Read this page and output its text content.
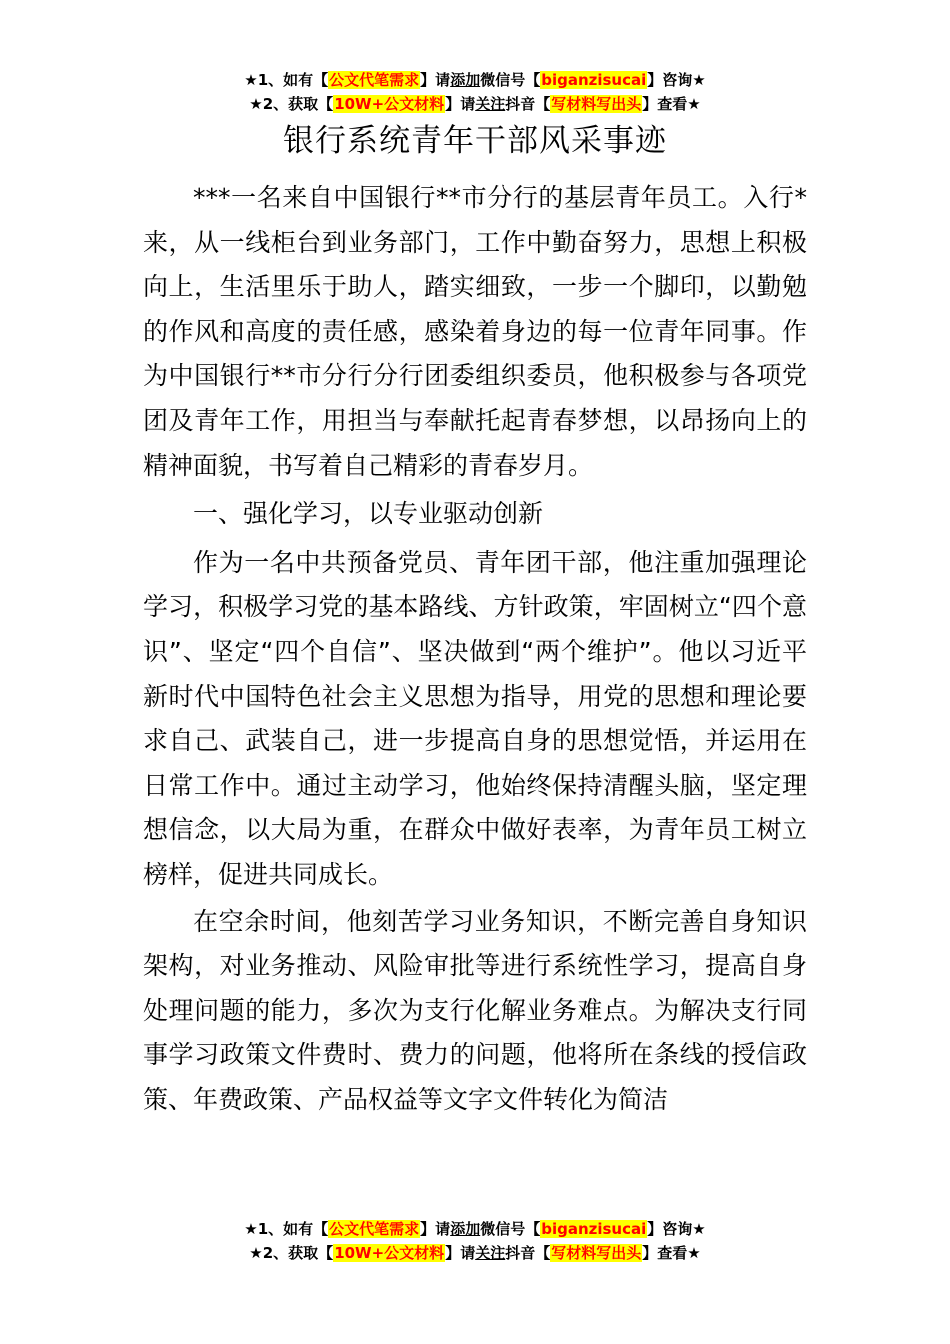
★1、如有【公文代笔需求】请添加微信号【biganzisucai】咨询★
★2、获取【10W+公文材料】请关注抖音【写材料写出头】查看★
银行系统青年干部风采事迹

***一名来自中国银行**市分行的基层青年员工。入行*来，从一线柜台到业务部门，工作中勤奋努力，思想上积极向上，生活里乐于助人，踏实细致，一步一个脚印，以勤勉的作风和高度的责任感，感染着身边的每一位青年同事。作为中国银行**市分行分行团委组织委员，他积极参与各项党团及青年工作，用担当与奉献托起青春梦想，以昂扬向上的精神面貌，书写着自己精彩的青春岁月。

一、强化学习，以专业驱动创新

作为一名中共预备党员、青年团干部，他注重加强理论学习，积极学习党的基本路线、方针政策，牢固树立“四个意识”、坚定“四个自信”、坚决做到“两个维护”。他以习近平新时代中国特色社会主义思想为指导，用党的思想和理论要求自己、武装自己，进一步提高自身的思想觉悟，并运用在日常工作中。通过主动学习，他始终保持清醒头脑，坚定理想信念，以大局为重，在群众中做好表率，为青年员工树立榜样，促进共同成长。

在空余时间，他刻苦学习业务知识，不断完善自身知识架构，对业务推动、风险审批等进行系统性学习，提高自身处理问题的能力，多次为支行化解业务难点。为解决支行同事学习政策文件费时、费力的问题，他将所在条线的授信政策、年费政策、产品权益等文字文件转化为简洁

★1、如有【公文代笔需求】请添加微信号【biganzisucai】咨询★
★2、获取【10W+公文材料】请关注抖音【写材料写出头】查看★
